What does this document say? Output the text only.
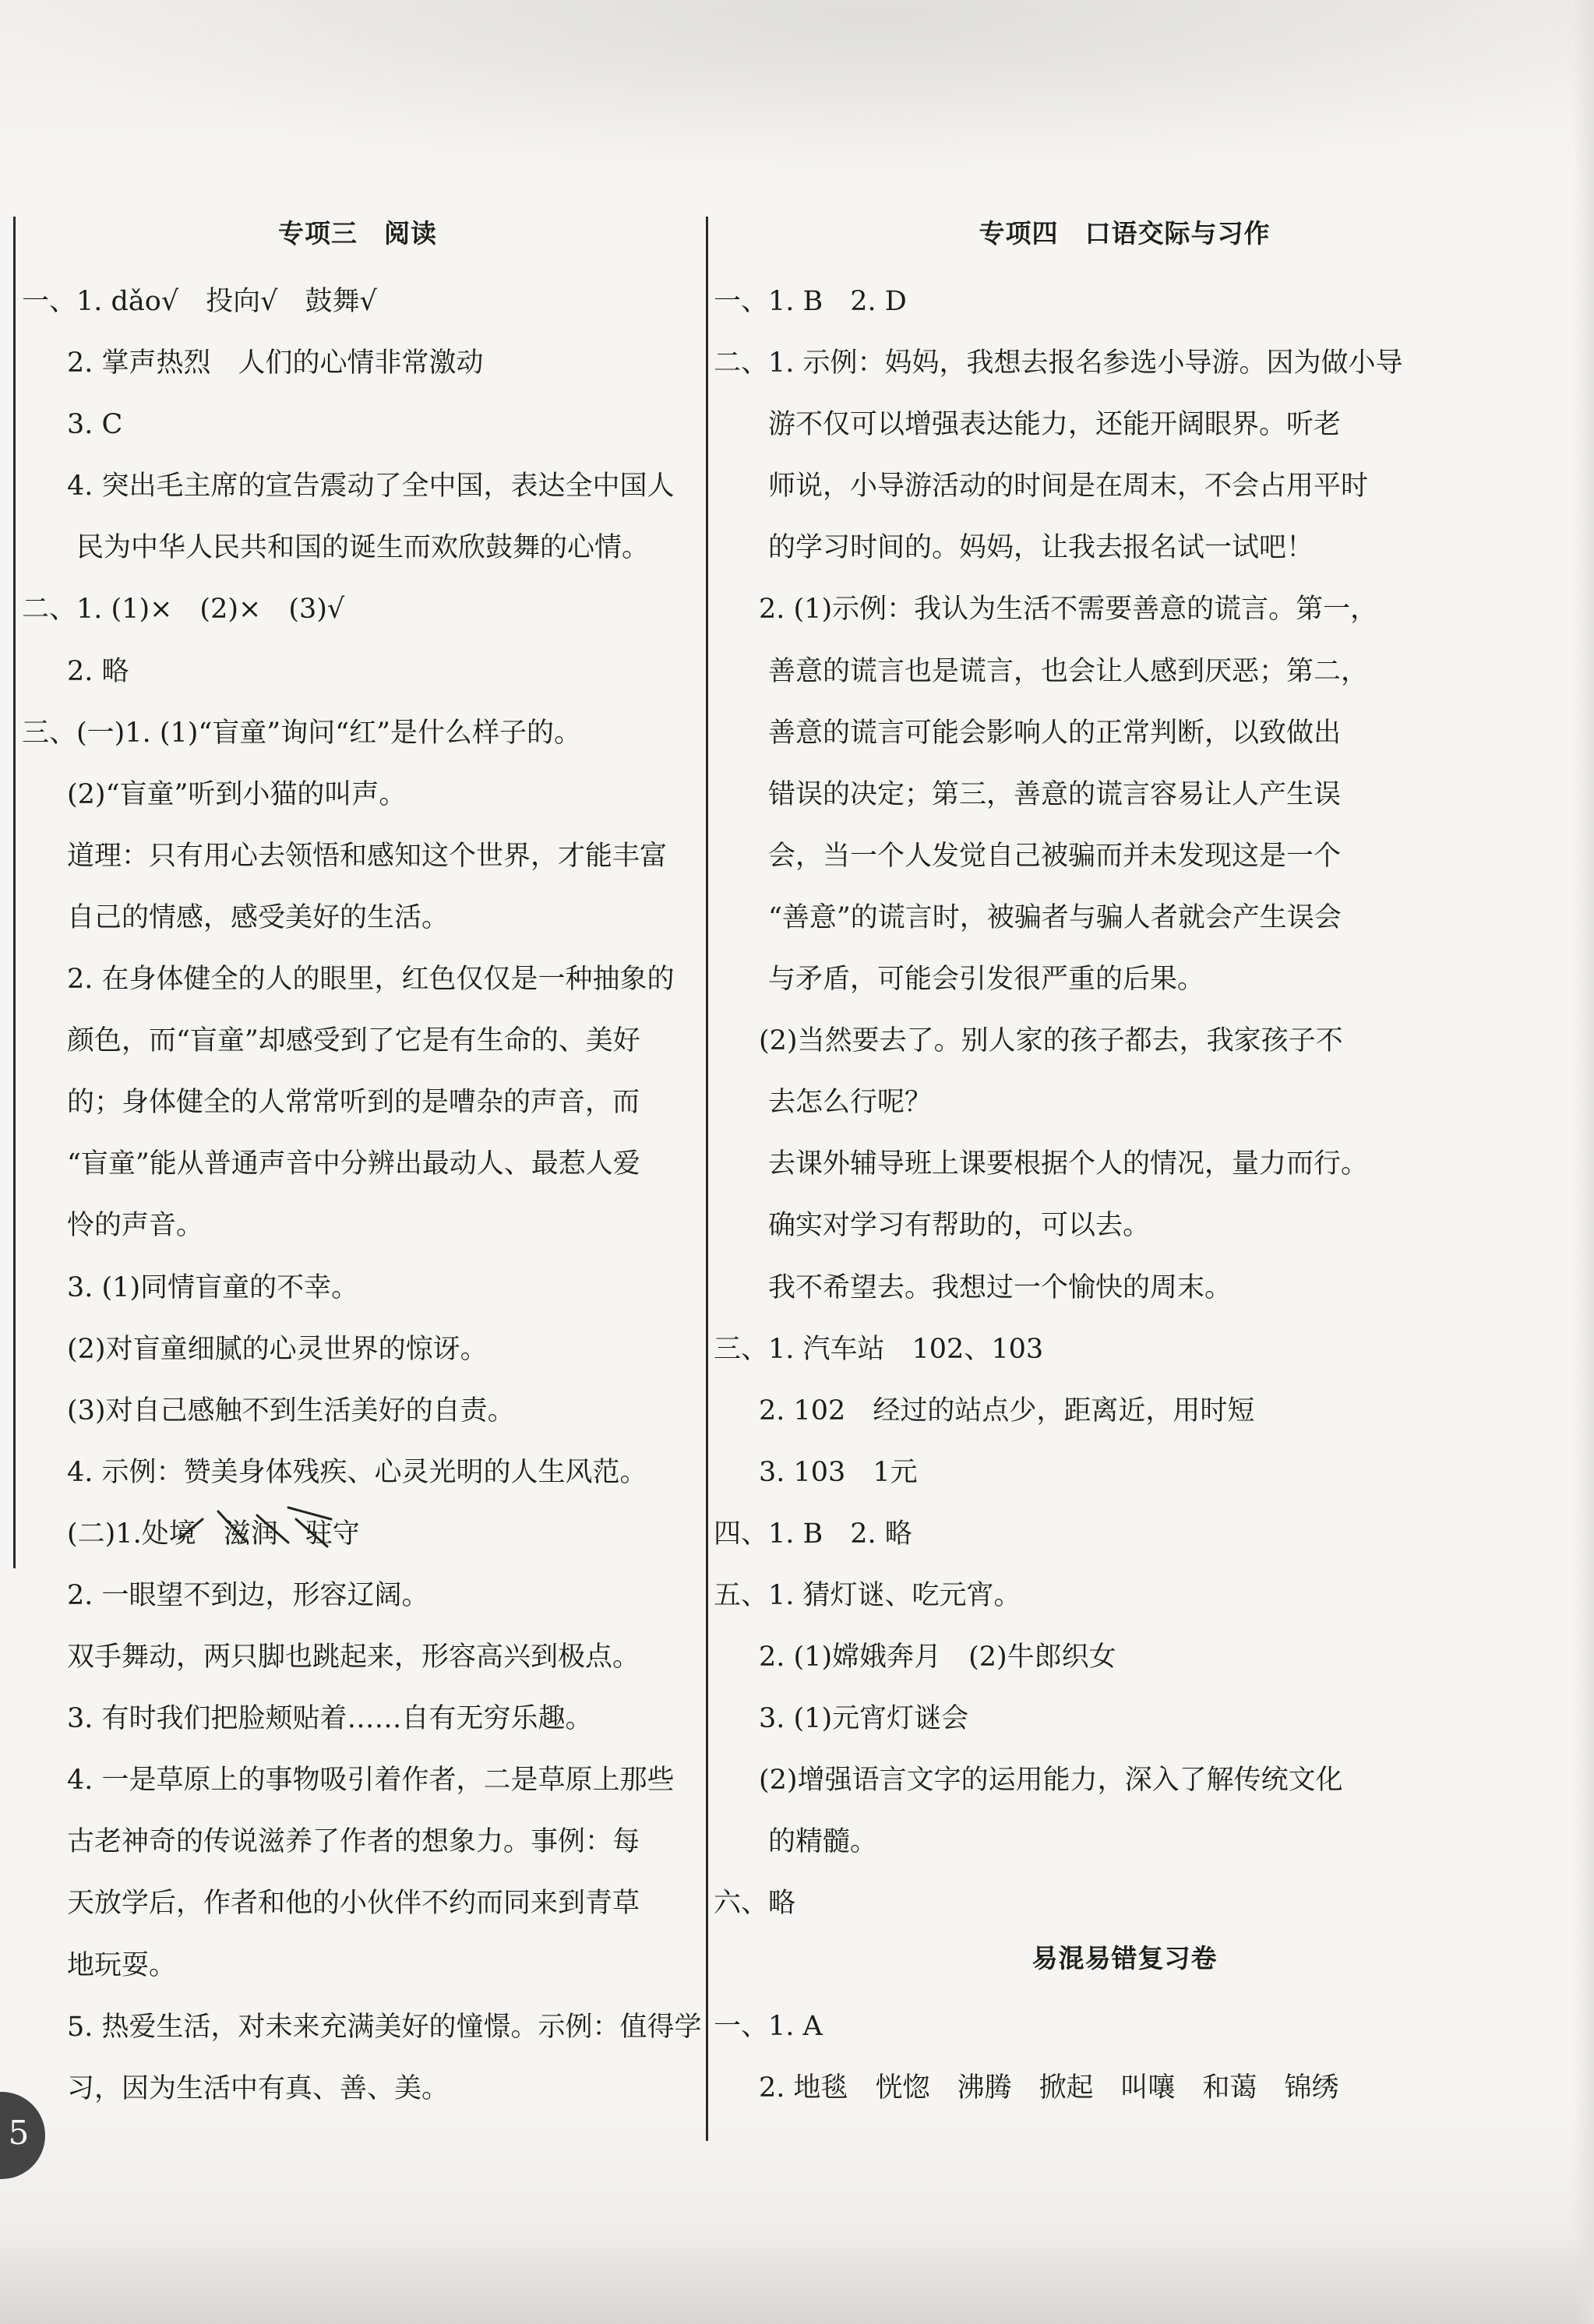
专项三　阅读
一、1. dǎo√　投向√　鼓舞√
2. 掌声热烈　人们的心情非常激动
3. C
4. 突出毛主席的宣告震动了全中国，表达全中国人
民为中华人民共和国的诞生而欢欣鼓舞的心情。
二、1. (1)×　(2)×　(3)√
2. 略
三、(一)1. (1)“盲童”询问“红”是什么样子的。
(2)“盲童”听到小猫的叫声。
道理：只有用心去领悟和感知这个世界，才能丰富
自己的情感，感受美好的生活。
2. 在身体健全的人的眼里，红色仅仅是一种抽象的
颜色，而“盲童”却感受到了它是有生命的、美好
的；身体健全的人常常听到的是嘈杂的声音，而
“盲童”能从普通声音中分辨出最动人、最惹人爱
怜的声音。
3. (1)同情盲童的不幸。
(2)对盲童细腻的心灵世界的惊讶。
(3)对自己感触不到生活美好的自责。
4. 示例：赞美身体残疾、心灵光明的人生风范。
(二)1.处境　滋润　驻守
2. 一眼望不到边，形容辽阔。
双手舞动，两只脚也跳起来，形容高兴到极点。
3. 有时我们把脸颊贴着……自有无穷乐趣。
4. 一是草原上的事物吸引着作者，二是草原上那些
古老神奇的传说滋养了作者的想象力。事例：每
天放学后，作者和他的小伙伴不约而同来到青草
地玩耍。
5. 热爱生活，对未来充满美好的憧憬。示例：值得学
习，因为生活中有真、善、美。
专项四　口语交际与习作
一、1. B　2. D
二、1. 示例：妈妈，我想去报名参选小导游。因为做小导
游不仅可以增强表达能力，还能开阔眼界。听老
师说，小导游活动的时间是在周末，不会占用平时
的学习时间的。妈妈，让我去报名试一试吧！
2. (1)示例：我认为生活不需要善意的谎言。第一，
善意的谎言也是谎言，也会让人感到厌恶；第二，
善意的谎言可能会影响人的正常判断，以致做出
错误的决定；第三，善意的谎言容易让人产生误
会，当一个人发觉自己被骗而并未发现这是一个
“善意”的谎言时，被骗者与骗人者就会产生误会
与矛盾，可能会引发很严重的后果。
(2)当然要去了。别人家的孩子都去，我家孩子不
去怎么行呢？
去课外辅导班上课要根据个人的情况，量力而行。
确实对学习有帮助的，可以去。
我不希望去。我想过一个愉快的周末。
三、1. 汽车站　102、103
2. 102　经过的站点少，距离近，用时短
3. 103　1元
四、1. B　2. 略
五、1. 猜灯谜、吃元宵。
2. (1)嫦娥奔月　(2)牛郎织女
3. (1)元宵灯谜会
(2)增强语言文字的运用能力，深入了解传统文化
的精髓。
六、略
易混易错复习卷
一、1. A
2. 地毯　恍惚　沸腾　掀起　叫嚷　和蔼　锦绣
5
